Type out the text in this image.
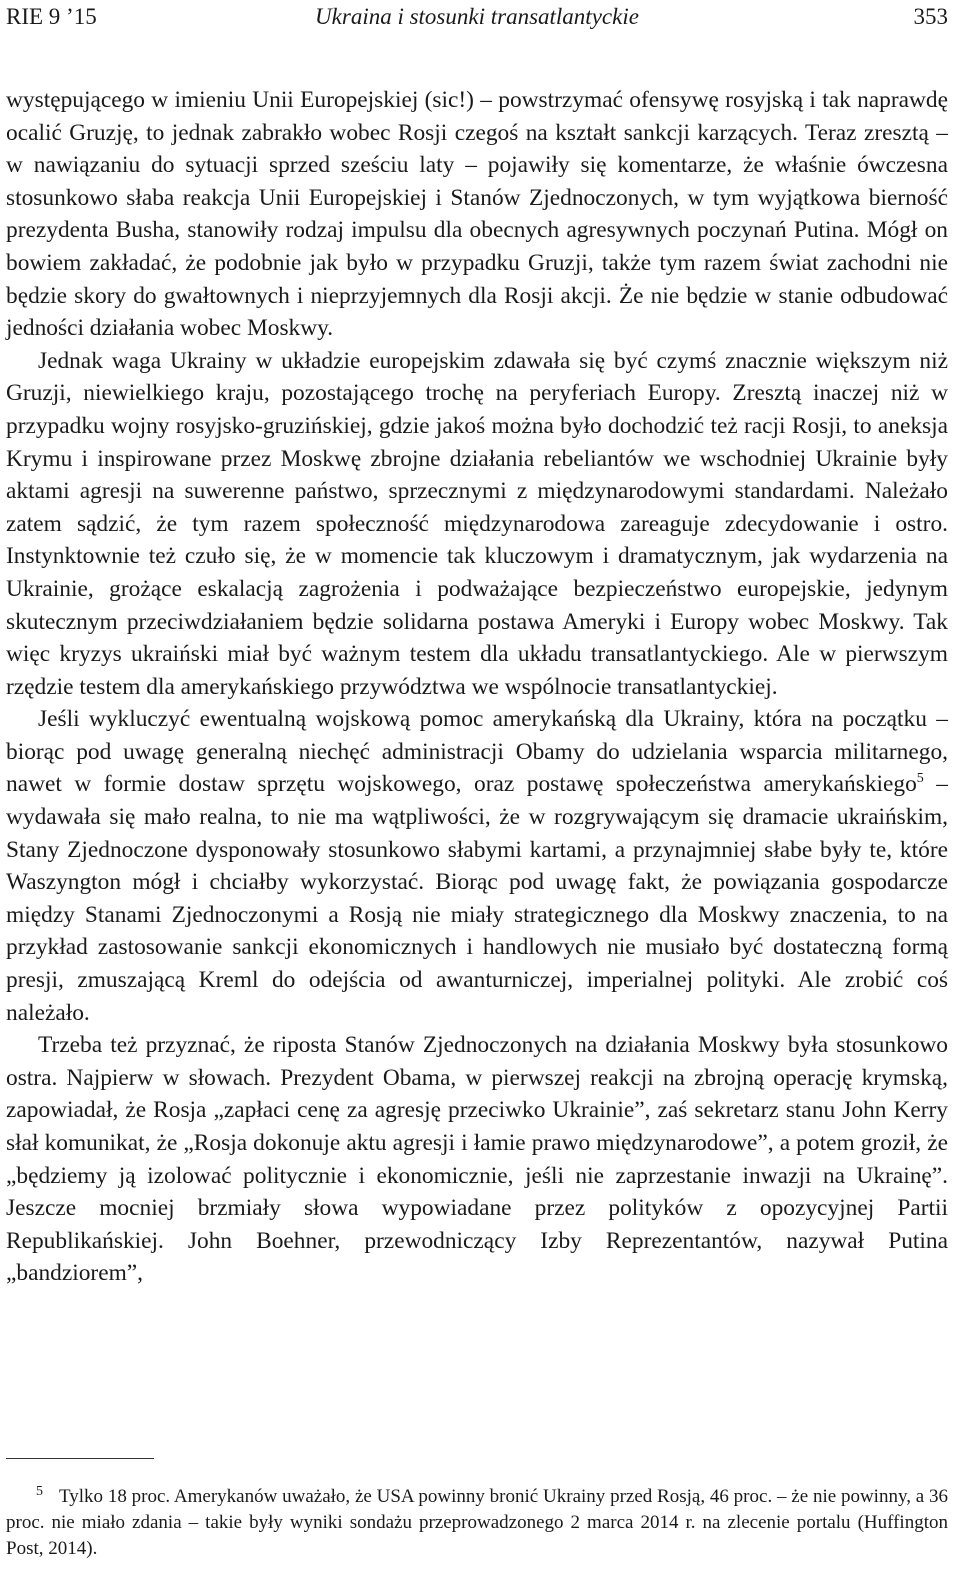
RIE 9 ’15	Ukraina i stosunki transatlantyckie	353

występującego w imieniu Unii Europejskiej (sic!) – powstrzymać ofensywę rosyjską i tak naprawdę ocalić Gruzję, to jednak zabrakło wobec Rosji czegoś na kształt sankcji karzących. Teraz zresztą – w nawiązaniu do sytuacji sprzed sześciu laty – pojawiły się komentarze, że właśnie ówczesna stosunkowo słaba reakcja Unii Europejskiej i Stanów Zjednoczonych, w tym wyjątkowa bierność prezydenta Busha, stanowiły rodzaj impulsu dla obecnych agresywnych poczynań Putina. Mógł on bowiem zakładać, że podobnie jak było w przypadku Gruzji, także tym razem świat zachodni nie będzie skory do gwałtownych i nieprzyjemnych dla Rosji akcji. Że nie będzie w stanie odbudować jedności działania wobec Moskwy.

Jednak waga Ukrainy w układzie europejskim zdawała się być czymś znacznie większym niż Gruzji, niewielkiego kraju, pozostającego trochę na peryferiach Europy. Zresztą inaczej niż w przypadku wojny rosyjsko-gruzińskiej, gdzie jakoś można było dochodzić też racji Rosji, to aneksja Krymu i inspirowane przez Moskwę zbrojne działania rebeliantów we wschodniej Ukrainie były aktami agresji na suwerenne państwo, sprzecznymi z międzynarodowymi standardami. Należało zatem sądzić, że tym razem społeczność międzynarodowa zareaguje zdecydowanie i ostro. Instynktownie też czuło się, że w momencie tak kluczowym i dramatycznym, jak wydarzenia na Ukrainie, grożące eskalacją zagrożenia i podważające bezpieczeństwo europejskie, jedynym skutecznym przeciwdziałaniem będzie solidarna postawa Ameryki i Europy wobec Moskwy. Tak więc kryzys ukraiński miał być ważnym testem dla układu transatlantyckiego. Ale w pierwszym rzędzie testem dla amerykańskiego przywództwa we wspólnocie transatlantyckiej.

Jeśli wykluczyć ewentualną wojskową pomoc amerykańską dla Ukrainy, która na początku – biorąc pod uwagę generalną niechęć administracji Obamy do udzielania wsparcia militarnego, nawet w formie dostaw sprzętu wojskowego, oraz postawę społeczeństwa amerykańskiego$^5$ – wydawała się mało realna, to nie ma wątpliwości, że w rozgrywającym się dramacie ukraińskim, Stany Zjednoczone dysponowały stosunkowo słabymi kartami, a przynajmniej słabe były te, które Waszyngton mógł i chciałby wykorzystać. Biorąc pod uwagę fakt, że powiązania gospodarcze między Stanami Zjednoczonymi a Rosją nie miały strategicznego dla Moskwy znaczenia, to na przykład zastosowanie sankcji ekonomicznych i handlowych nie musiało być dostateczną formą presji, zmuszającą Kreml do odejścia od awanturniczej, imperialnej polityki. Ale zrobić coś należało.

Trzeba też przyznać, że riposta Stanów Zjednoczonych na działania Moskwy była stosunkowo ostra. Najpierw w słowach. Prezydent Obama, w pierwszej reakcji na zbrojną operację krymską, zapowiadał, że Rosja „zapłaci cenę za agresję przeciwko Ukrainie”, zaś sekretarz stanu John Kerry słał komunikat, że „Rosja dokonuje aktu agresji i łamie prawo międzynarodowe”, a potem groził, że „będziemy ją izolować politycznie i ekonomicznie, jeśli nie zaprzestanie inwazji na Ukrainę”. Jeszcze mocniej brzmiały słowa wypowiadane przez polityków z opozycyjnej Partii Republikańskiej. John Boehner, przewodniczący Izby Reprezentantów, nazywał Putina „bandziorem”,

$^5$ Tylko 18 proc. Amerykanów uważało, że USA powinny bronić Ukrainy przed Rosją, 46 proc. – że nie powinny, a 36 proc. nie miało zdania – takie były wyniki sondażu przeprowadzonego 2 marca 2014 r. na zlecenie portalu (Huffington Post, 2014).
